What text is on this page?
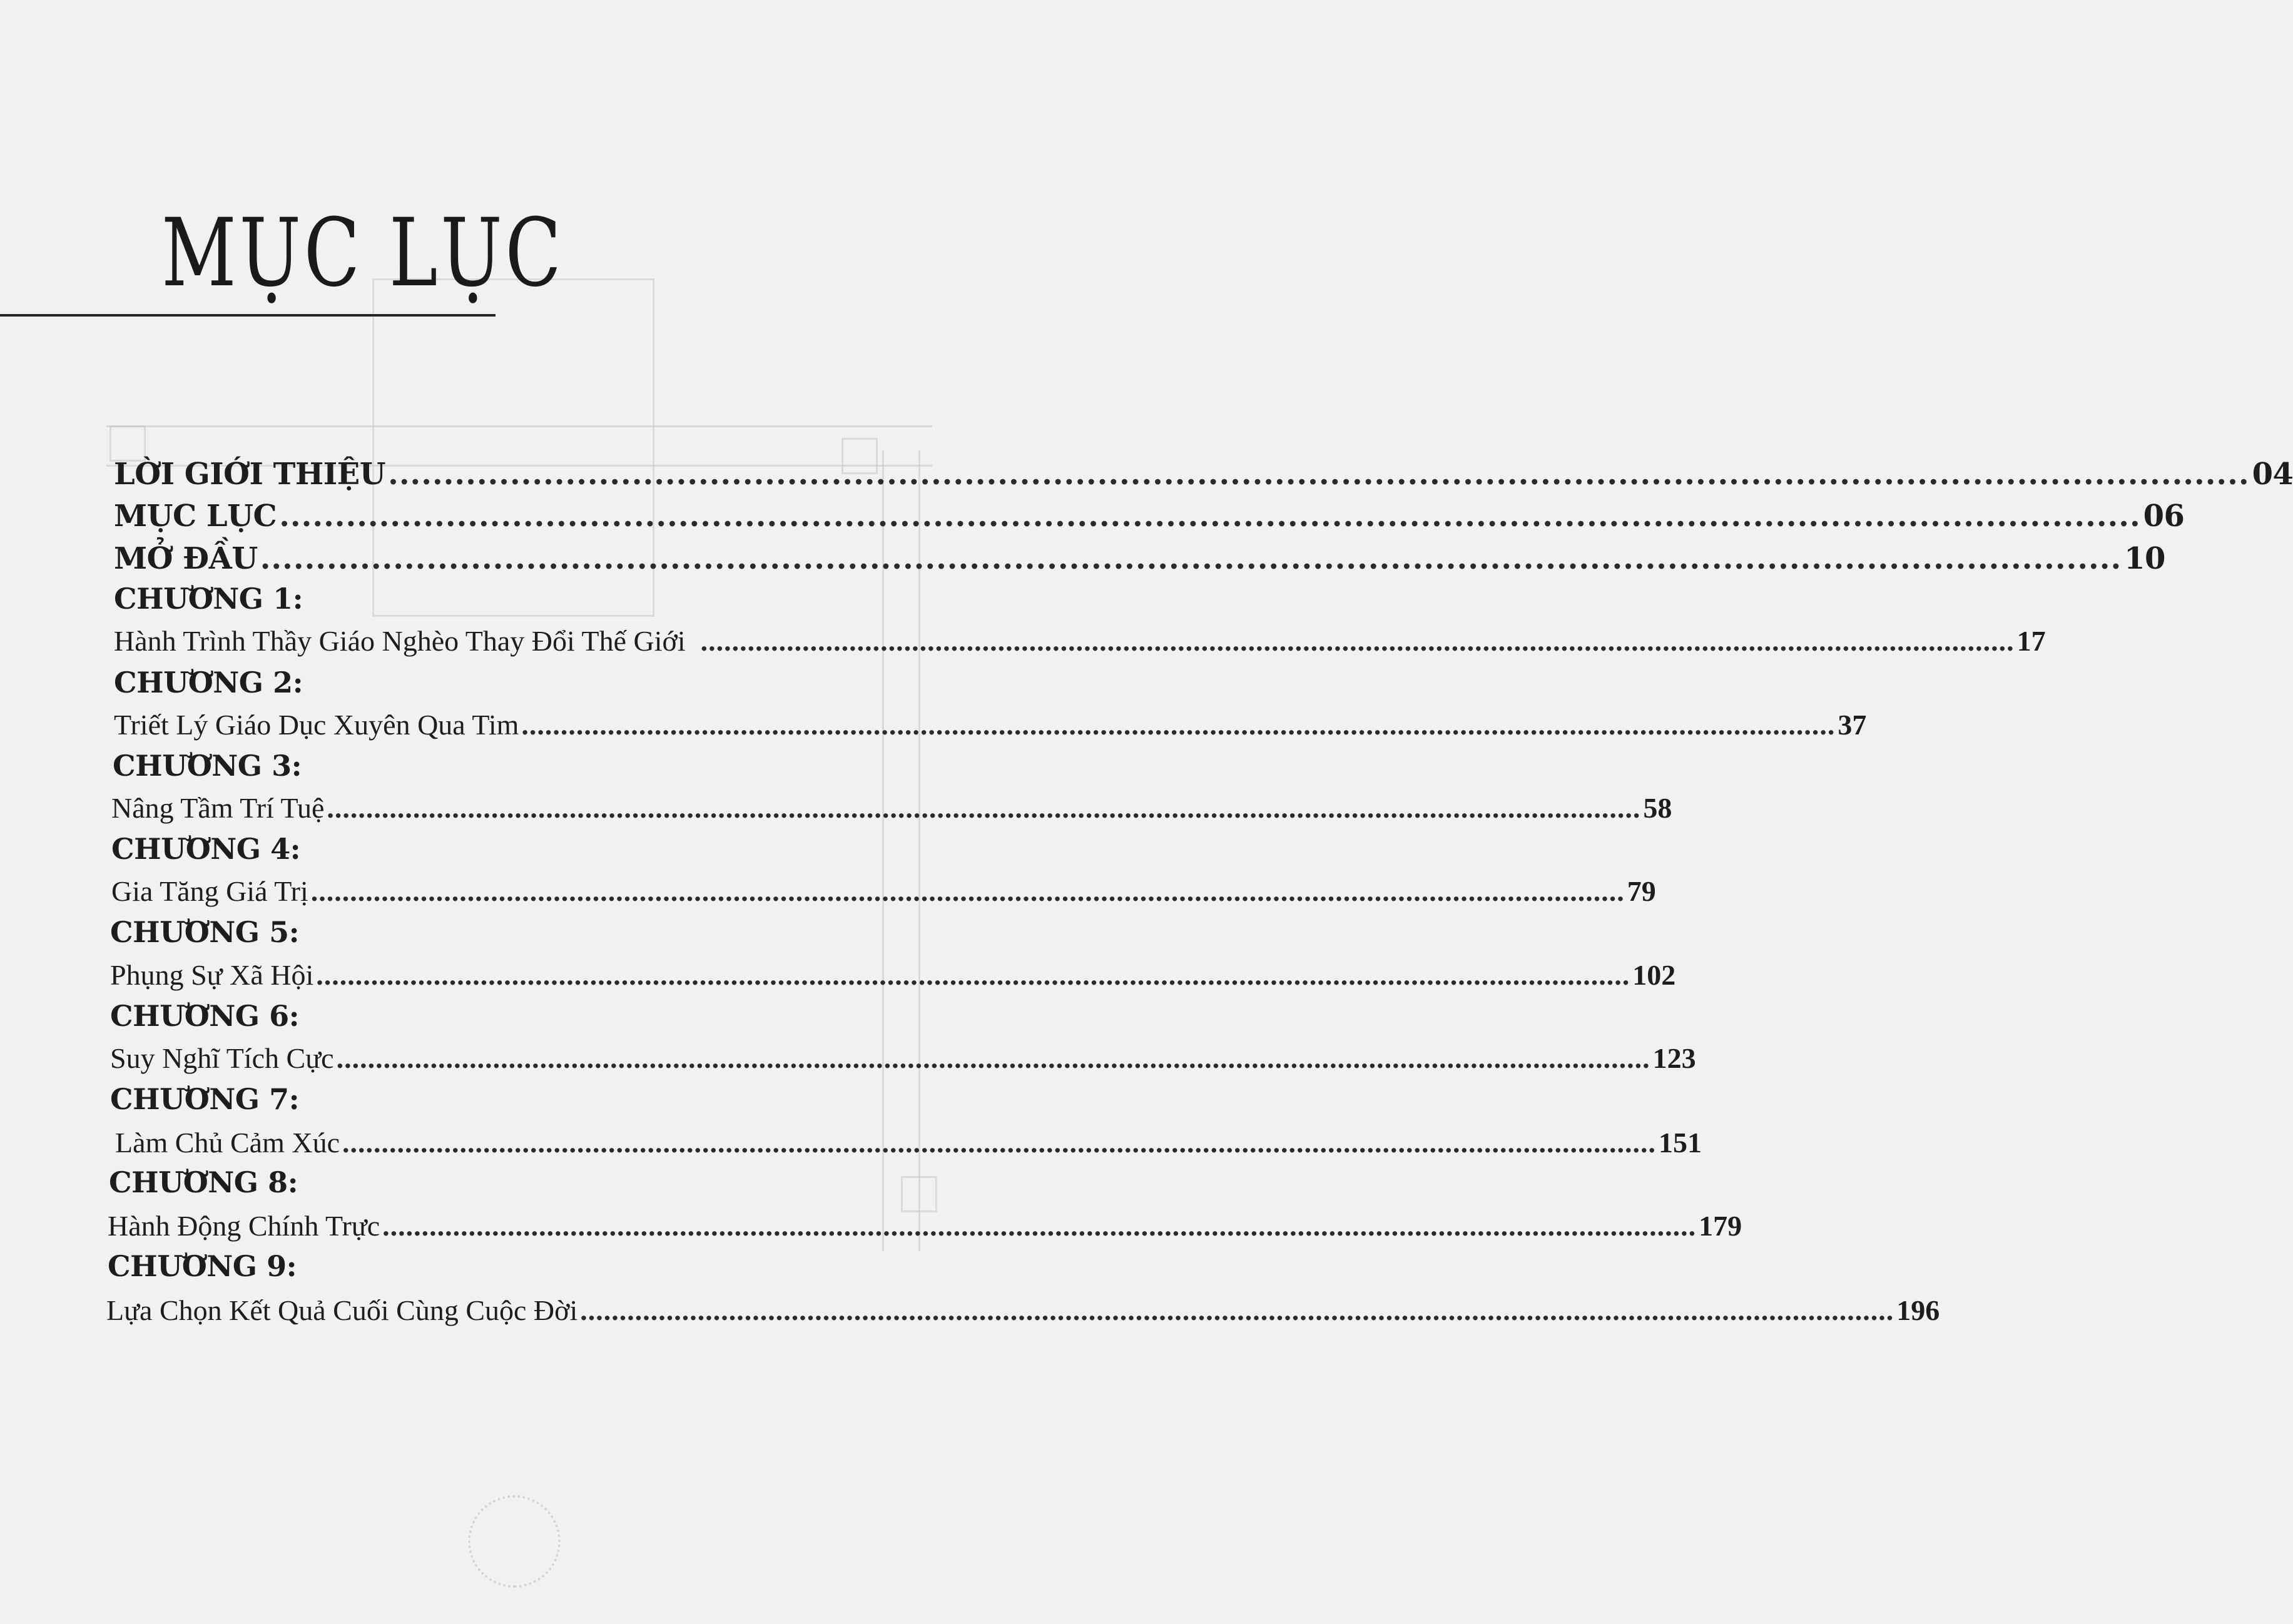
MỤC LỤC
LỜI GIỚI THIỆU ........................................................................................................................................................................ 04
MỤC LỤC ........................................................................................................................................................................ 06
MỞ ĐẦU ........................................................................................................................................................................ 10
CHƯƠNG 1:
Hành Trình Thầy Giáo Nghèo Thay Đổi Thế Giới ........................................................................................................................................................................ 17
CHƯƠNG 2:
Triết Lý Giáo Dục Xuyên Qua Tim ........................................................................................................................................................................ 37
CHƯƠNG 3:
Nâng Tầm Trí Tuệ ........................................................................................................................................................................ 58
CHƯƠNG 4:
Gia Tăng Giá Trị ........................................................................................................................................................................ 79
CHƯƠNG 5:
Phụng Sự Xã Hội ........................................................................................................................................................................ 102
CHƯƠNG 6:
Suy Nghĩ Tích Cực ........................................................................................................................................................................ 123
CHƯƠNG 7:
Làm Chủ Cảm Xúc ........................................................................................................................................................................ 151
CHƯƠNG 8:
Hành Động Chính Trực ........................................................................................................................................................................ 179
CHƯƠNG 9:
Lựa Chọn Kết Quả Cuối Cùng Cuộc Đời ........................................................................................................................................................................ 196
